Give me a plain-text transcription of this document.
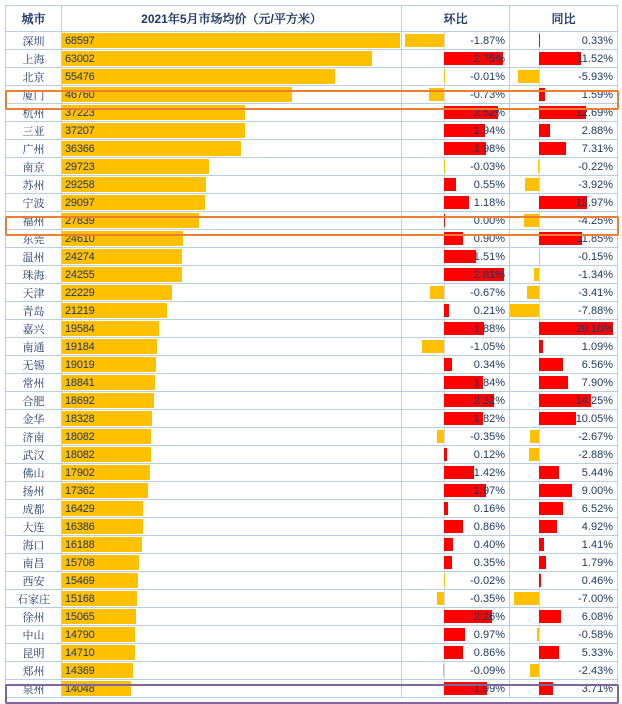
城市	2021年5月市场均价（元/平方米）	环比	同比
深圳	68597	-1.87%	0.33%

上海	63002	2.75%	11.52%

北京	55476	-0.01%	-5.93%

厦门	46760	-0.73%	1.59%

杭州	37223	2.52%	12.69%

三亚	37207	1.94%	2.88%

广州	36366	1.98%	7.31%

南京	29723	-0.03%	-0.22%

苏州	29258	0.55%	-3.92%

宁波	29097	1.18%	12.97%

福州	27839	0.00%	-4.25%

东莞	24610	0.90%	11.85%

温州	24274	1.51%	-0.15%

珠海	24255	2.81%	-1.34%

天津	22229	-0.67%	-3.41%

青岛	21219	0.21%	-7.88%

嘉兴	19584	1.88%	20.10%

南通	19184	-1.05%	1.09%

无锡	19019	0.34%	6.56%

常州	18841	1.84%	7.90%

合肥	18692	2.32%	14.25%

金华	18328	1.82%	10.05%

济南	18082	-0.35%	-2.67%

武汉	18082	0.12%	-2.88%

佛山	17902	1.42%	5.44%

扬州	17362	1.97%	9.00%

成都	16429	0.16%	6.52%

大连	16386	0.86%	4.92%

海口	16188	0.40%	1.41%

南昌	15708	0.35%	1.79%

西安	15469	-0.02%	0.46%

石家庄	15168	-0.35%	-7.00%

徐州	15065	2.26%	6.08%

中山	14790	0.97%	-0.58%

昆明	14710	0.86%	5.33%

郑州	14369	-0.09%	-2.43%

泉州	14048	1.99%	3.71%
